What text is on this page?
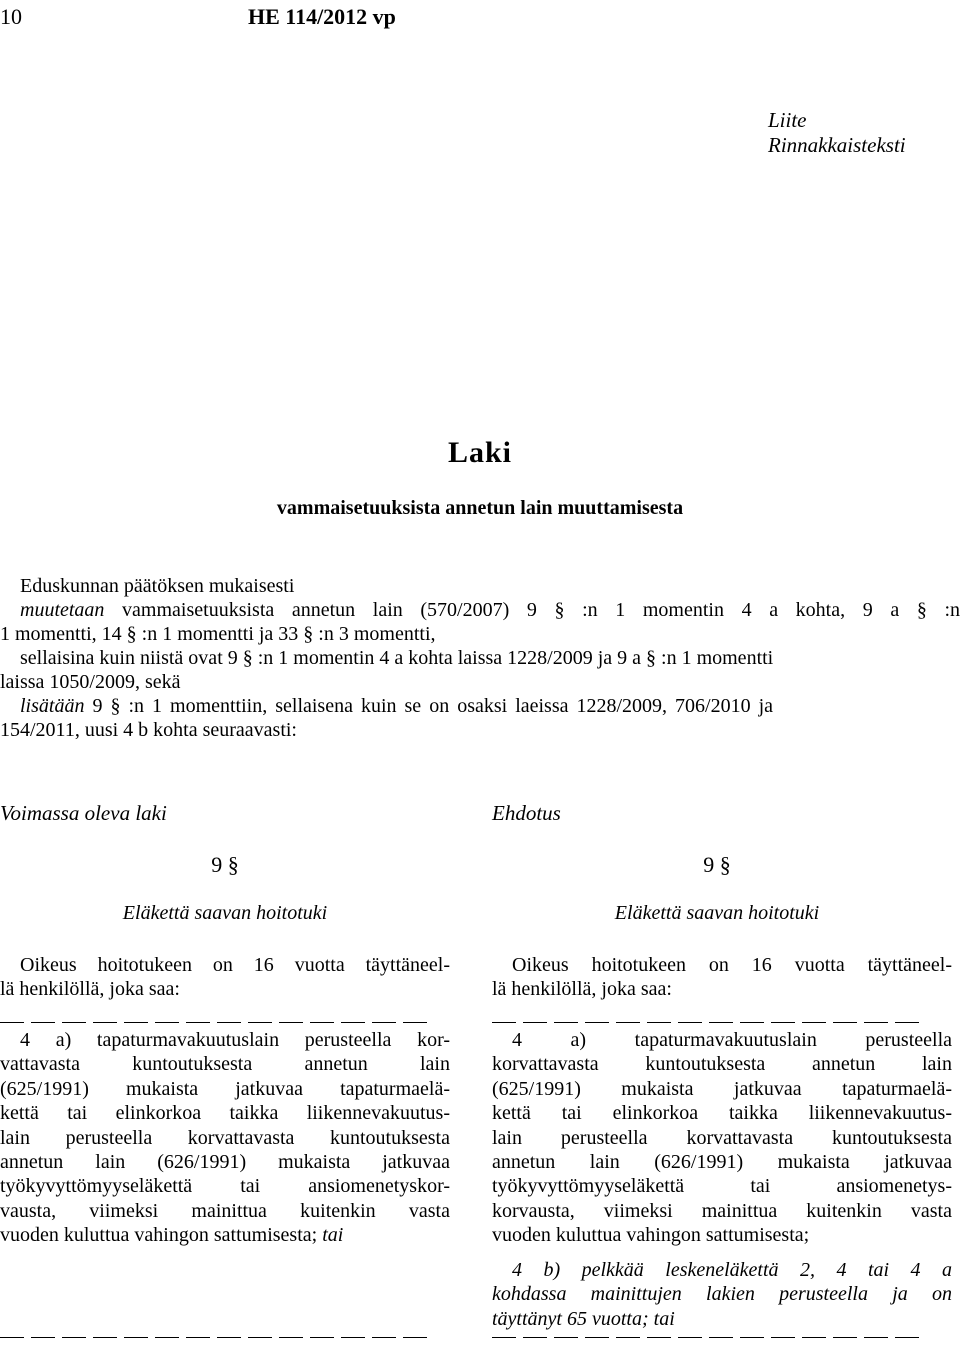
10	HE 114/2012 vp
Liite
Rinnakkaisteksti
Laki
vammaisetuuksista annetun lain muuttamisesta
Eduskunnan päätöksen mukaisesti
muutetaan vammaisetuuksista annetun lain (570/2007) 9 § :n 1 momentin 4 a kohta, 9 a § :n
1 momentti, 14 § :n 1 momentti ja 33 § :n 3 momentti,
sellaisina kuin niistä ovat 9 § :n 1 momentin 4 a kohta laissa 1228/2009 ja 9 a § :n 1 momentti
laissa 1050/2009, sekä
lisätään 9 § :n 1 momenttiin, sellaisena kuin se on osaksi laeissa 1228/2009, 706/2010 ja
154/2011, uusi 4 b kohta seuraavasti:
Voimassa oleva laki	Ehdotus
9 §
Eläkettä saavan hoitotuki
Oikeus hoitotukeen on 16 vuotta täyttäneel-
lä henkilöllä, joka saa:
4 a) tapaturmavakuutuslain perusteella kor-
vattavasta kuntoutuksesta annetun lain
(625/1991) mukaista jatkuvaa tapaturmaelä-
kettä tai elinkorkoa taikka liikennevakuutus-
lain perusteella korvattavasta kuntoutuksesta
annetun lain (626/1991) mukaista jatkuvaa
työkyvyttömyyseläkettä tai ansiomenetyskor-
vausta, viimeksi mainittua kuitenkin vasta
vuoden kuluttua vahingon sattumisesta; tai
9 §
Eläkettä saavan hoitotuki
Oikeus hoitotukeen on 16 vuotta täyttäneel-
lä henkilöllä, joka saa:
4 a) tapaturmavakuutuslain perusteella
korvattavasta kuntoutuksesta annetun lain
(625/1991) mukaista jatkuvaa tapaturmaelä-
kettä tai elinkorkoa taikka liikennevakuutus-
lain perusteella korvattavasta kuntoutuksesta
annetun lain (626/1991) mukaista jatkuvaa
työkyvyttömyyseläkettä tai ansiomenetys-
korvausta, viimeksi mainittua kuitenkin vasta
vuoden kuluttua vahingon sattumisesta;
4 b) pelkkää leskeneläkettä 2, 4 tai 4 a
kohdassa mainittujen lakien perusteella ja on
täyttänyt 65 vuotta; tai
